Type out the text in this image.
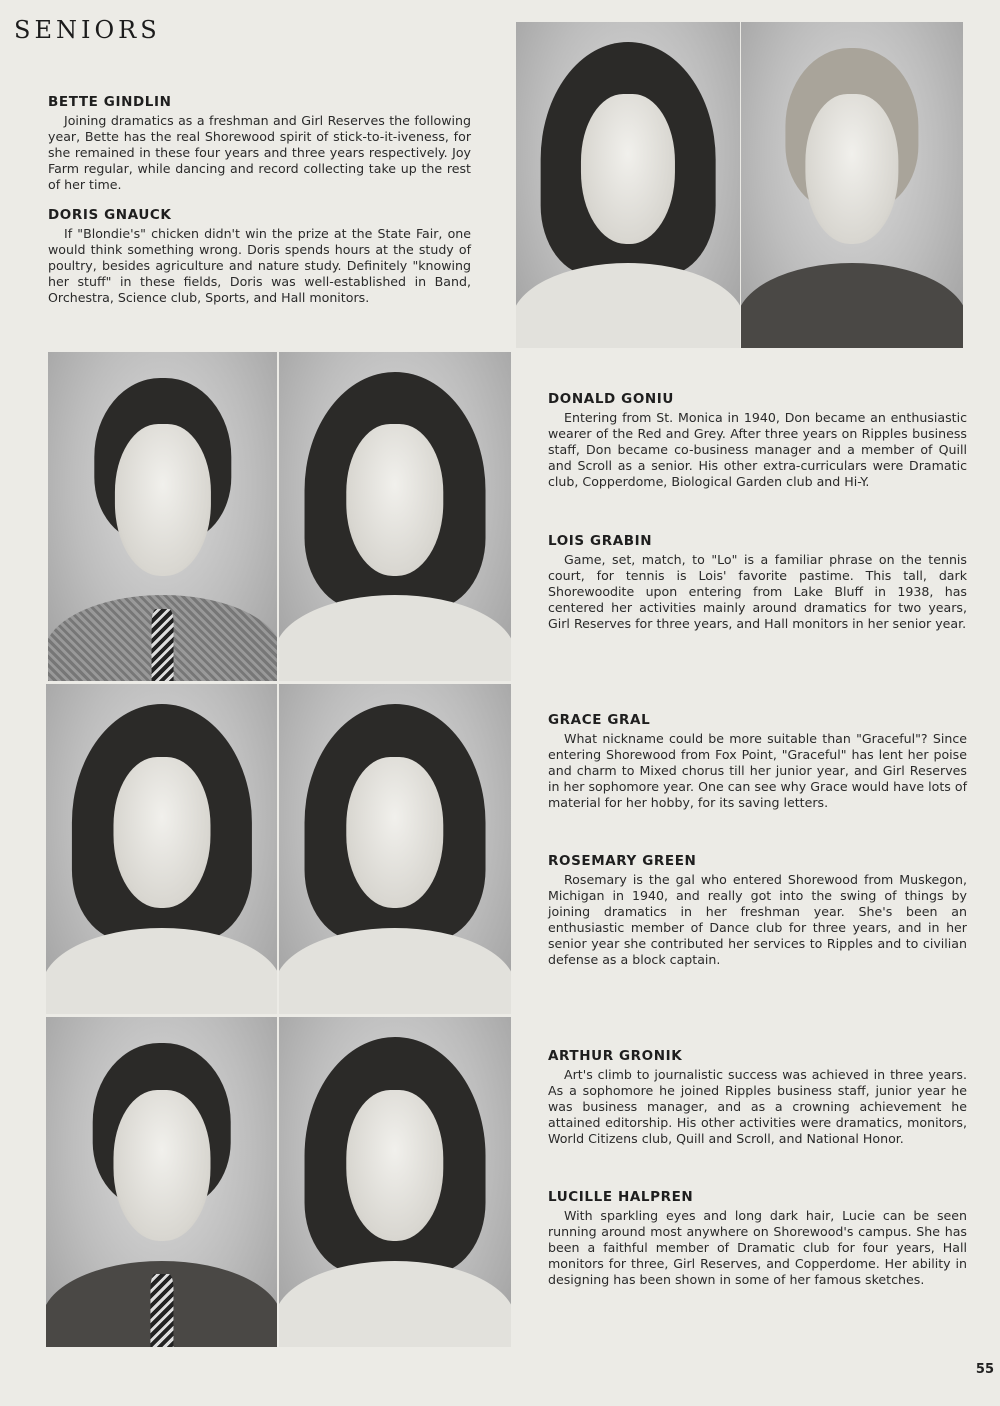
SENIORS

BETTE GINDLIN

Joining dramatics as a freshman and Girl Reserves the following year, Bette has the real Shorewood spirit of stick-to-it-iveness, for she remained in these four years and three years respectively. Joy Farm regular, while dancing and record collecting take up the rest of her time.

DORIS GNAUCK

If "Blondie's" chicken didn't win the prize at the State Fair, one would think something wrong. Doris spends hours at the study of poultry, besides agriculture and nature study. Definitely "knowing her stuff" in these fields, Doris was well-established in Band, Orchestra, Science club, Sports, and Hall monitors.

DONALD GONIU

Entering from St. Monica in 1940, Don became an enthusiastic wearer of the Red and Grey. After three years on Ripples business staff, Don became co-business manager and a member of Quill and Scroll as a senior. His other extra-curriculars were Dramatic club, Copperdome, Biological Garden club and Hi-Y.

LOIS GRABIN

Game, set, match, to "Lo" is a familiar phrase on the tennis court, for tennis is Lois' favorite pastime. This tall, dark Shorewoodite upon entering from Lake Bluff in 1938, has centered her activities mainly around dramatics for two years, Girl Reserves for three years, and Hall monitors in her senior year.

GRACE GRAL

What nickname could be more suitable than "Graceful"? Since entering Shorewood from Fox Point, "Graceful" has lent her poise and charm to Mixed chorus till her junior year, and Girl Reserves in her sophomore year. One can see why Grace would have lots of material for her hobby, for its saving letters.

ROSEMARY GREEN

Rosemary is the gal who entered Shorewood from Muskegon, Michigan in 1940, and really got into the swing of things by joining dramatics in her freshman year. She's been an enthusiastic member of Dance club for three years, and in her senior year she contributed her services to Ripples and to civilian defense as a block captain.

ARTHUR GRONIK

Art's climb to journalistic success was achieved in three years. As a sophomore he joined Ripples business staff, junior year he was business manager, and as a crowning achievement he attained editorship. His other activities were dramatics, monitors, World Citizens club, Quill and Scroll, and National Honor.

LUCILLE HALPREN

With sparkling eyes and long dark hair, Lucie can be seen running around most anywhere on Shorewood's campus. She has been a faithful member of Dramatic club for four years, Hall monitors for three, Girl Reserves, and Copperdome. Her ability in designing has been shown in some of her famous sketches.

55
